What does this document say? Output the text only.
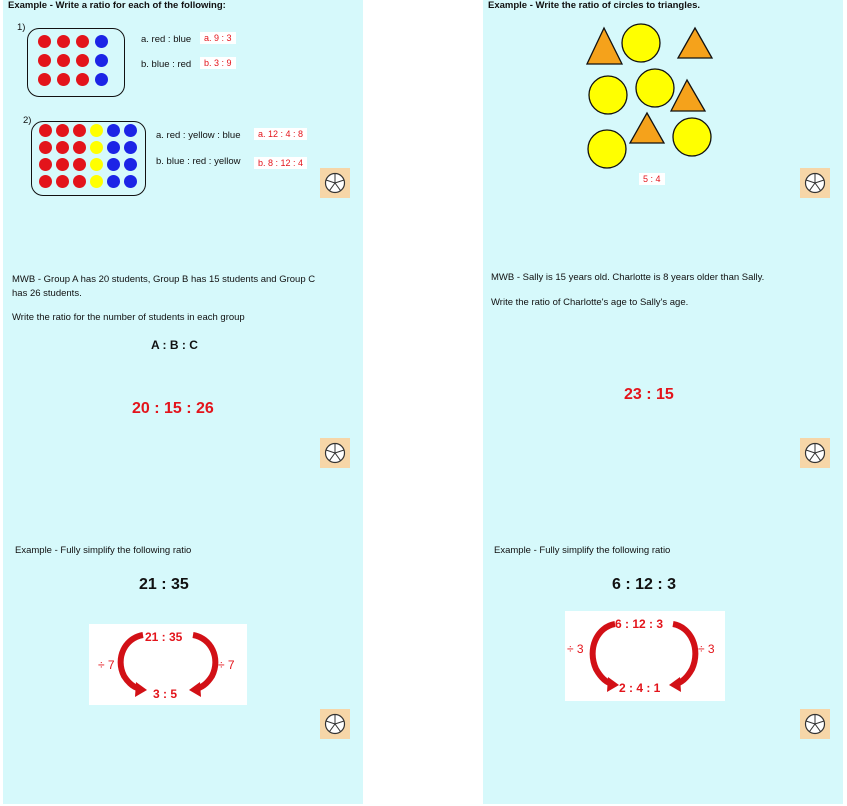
Example - Write a ratio for each of the following:
1)
a. red : blue	a. 9 : 3
b. blue : red	b. 3 : 9
2)
a. red : yellow : blue	a. 12 : 4 : 8
b. blue : red : yellow	b. 8 : 12 : 4
Example - Write the ratio of circles to triangles.
5 : 4
MWB - Group A has 20 students, Group B has 15 students and Group C
has 26 students.
Write the ratio for the number of students in each group
A : B : C
20 : 15 : 26
MWB - Sally is 15 years old. Charlotte is 8 years older than Sally.
Write the ratio of Charlotte's age to Sally's age.
23 : 15
Example - Fully simplify the following ratio
21 : 35
21 : 35
÷ 7	÷ 7
3 : 5
Example - Fully simplify the following ratio
6 : 12 : 3
6 : 12 : 3
÷ 3	÷ 3
2 : 4 : 1
